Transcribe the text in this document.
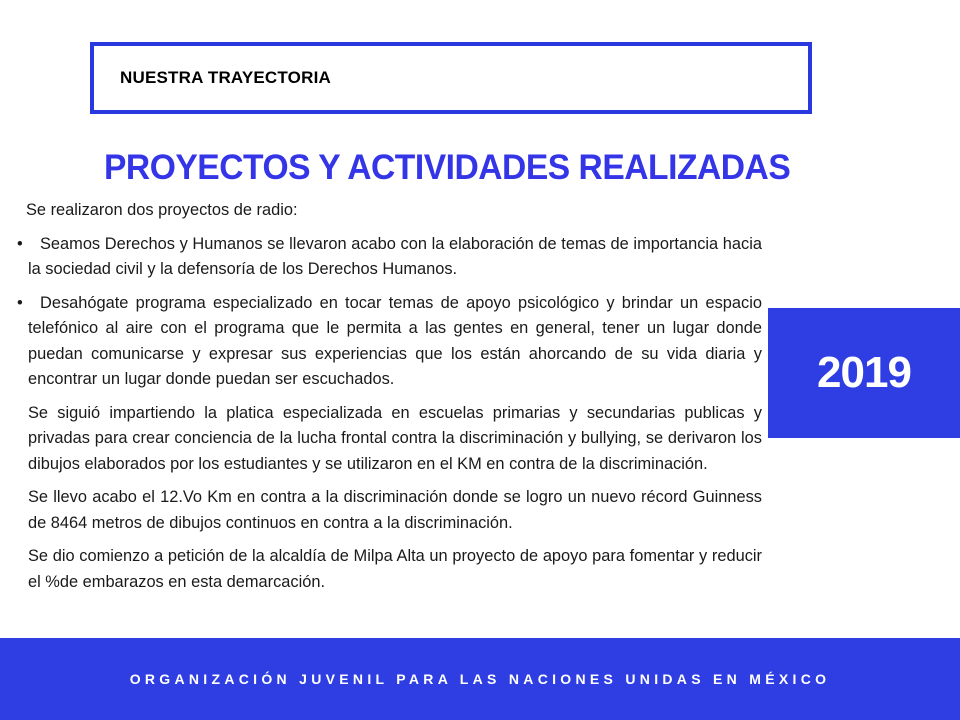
NUESTRA TRAYECTORIA
PROYECTOS Y ACTIVIDADES REALIZADAS

Se realizaron dos proyectos de radio:

•	Seamos Derechos y Humanos se llevaron acabo con la elaboración de temas de importancia hacia la sociedad civil y la defensoría de los Derechos Humanos.
•	Desahógate programa especializado en tocar temas de apoyo psicológico y brindar un espacio telefónico al aire con el programa que le permita a las gentes en general, tener un lugar donde puedan comunicarse y expresar sus experiencias que los están ahorcando de su vida diaria y encontrar un lugar donde puedan ser escuchados.

Se siguió impartiendo la platica especializada en escuelas primarias y secundarias publicas y privadas para crear conciencia de la lucha frontal contra la discriminación y bullying, se derivaron los dibujos elaborados por los estudiantes y se utilizaron en el KM en contra de la discriminación.

Se llevo acabo el 12.Vo Km en contra a la discriminación donde se logro un nuevo récord Guinness de 8464 metros de dibujos continuos en contra a la discriminación.

Se dio comienzo a petición de la alcaldía de Milpa Alta un proyecto de apoyo para fomentar y reducir el %de embarazos en esta demarcación.

2019
ORGANIZACIÓN JUVENIL PARA LAS NACIONES UNIDAS EN MÉXICO
